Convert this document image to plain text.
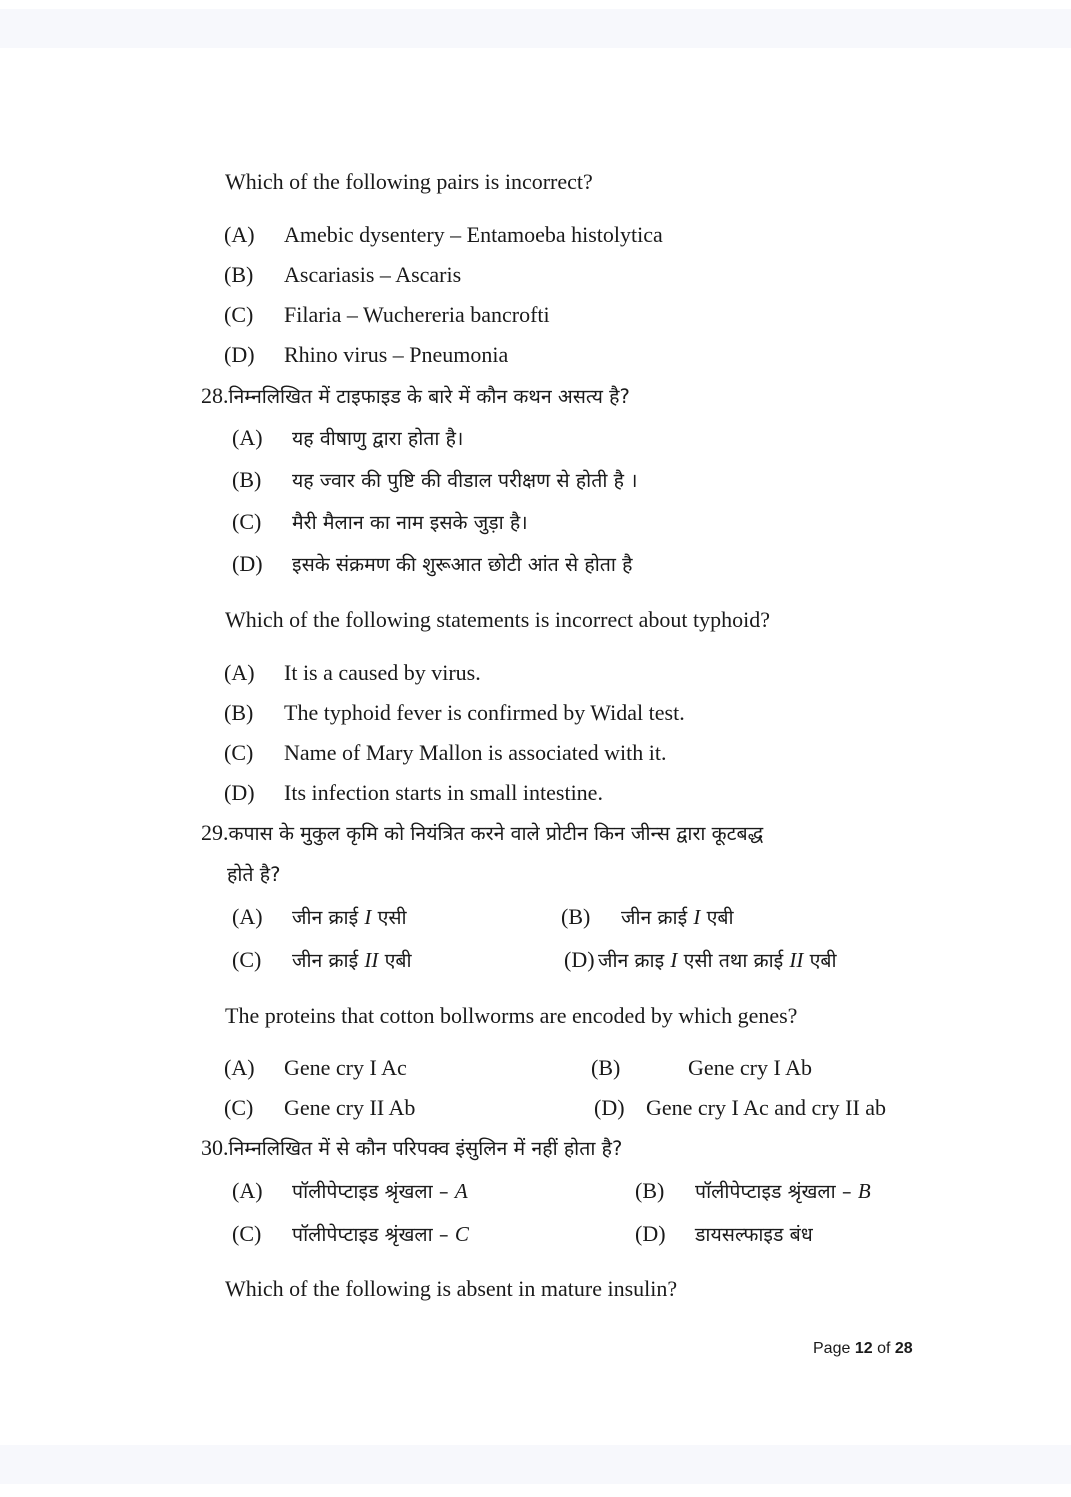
Which of the following pairs is incorrect?
(A) Amebic dysentery – Entamoeba histolytica
(B) Ascariasis – Ascaris
(C) Filaria – Wuchereria bancrofti
(D) Rhino virus – Pneumonia
28.निम्नलिखित में टाइफाइड के बारे में कौन कथन असत्य है?
(A) यह वीषाणु द्वारा होता है।
(B) यह ज्वार की पुष्टि की वीडाल परीक्षण से होती है ।
(C) मैरी मैलान का नाम इसके जुड़ा है।
(D) इसके संक्रमण की शुरूआत छोटी आंत से होता है
Which of the following statements is incorrect about typhoid?
(A) It is a caused by virus.
(B) The typhoid fever is confirmed by Widal test.
(C) Name of Mary Mallon is associated with it.
(D) Its infection starts in small intestine.
29.कपास के मुकुल कृमि को नियंत्रित करने वाले प्रोटीन किन जीन्स द्वारा कूटबद्ध
होते है?
(A) जीन क्राई I एसी	(B) जीन क्राई I एबी
(C) जीन क्राई II एबी	(D) जीन क्राइ I एसी तथा क्राई II एबी
The proteins that cotton bollworms are encoded by which genes?
(A) Gene cry I Ac	(B)	Gene cry I Ab
(C) Gene cry II Ab	(D) Gene cry I Ac and cry II ab
30.निम्नलिखित में से कौन परिपक्व इंसुलिन में नहीं होता है?
(A) पॉलीपेप्टाइड श्रृंखला – A	(B) पॉलीपेप्टाइड श्रृंखला – B
(C) पॉलीपेप्टाइड श्रृंखला – C	(D) डायसल्फाइड बंध
Which of the following is absent in mature insulin?
Page 12 of 28
